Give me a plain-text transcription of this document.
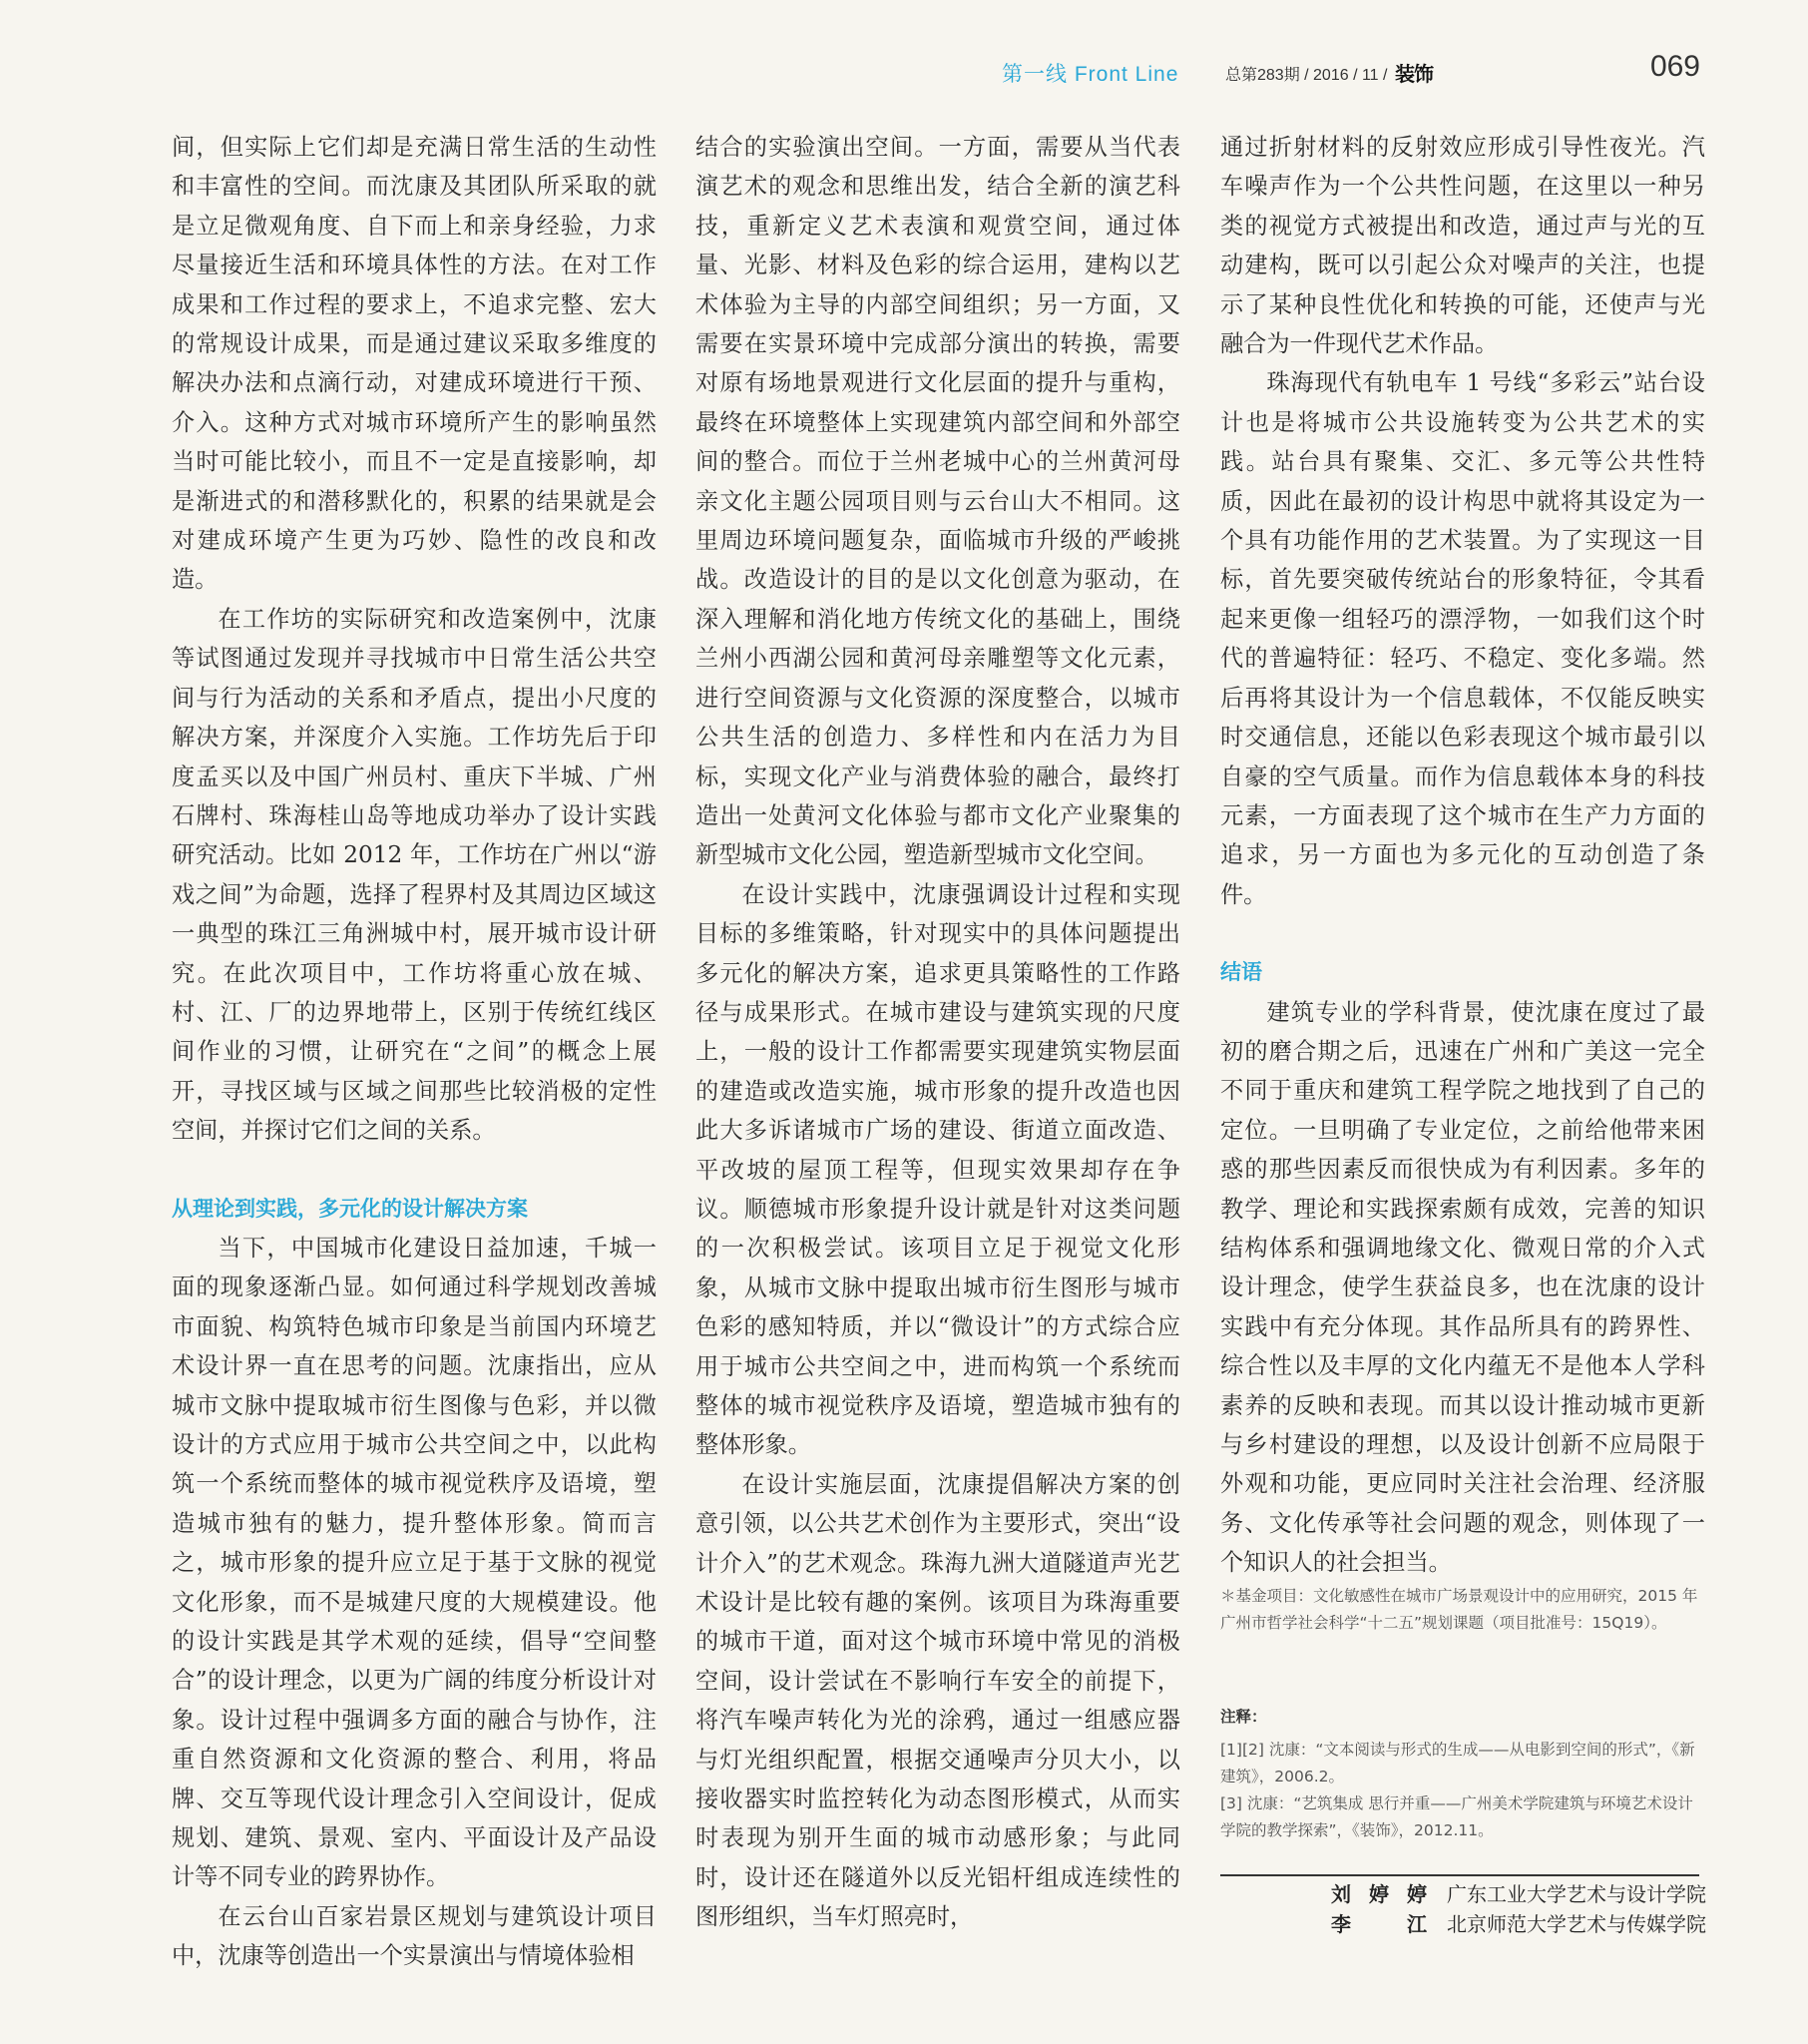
第一线 Front Line	总第283期 / 2016 / 11 / 装饰	069

间，但实际上它们却是充满日常生活的生动性和丰富性的空间。而沈康及其团队所采取的就是立足微观角度、自下而上和亲身经验，力求尽量接近生活和环境具体性的方法。在对工作成果和工作过程的要求上，不追求完整、宏大的常规设计成果，而是通过建议采取多维度的解决办法和点滴行动，对建成环境进行干预、介入。这种方式对城市环境所产生的影响虽然当时可能比较小，而且不一定是直接影响，却是渐进式的和潜移默化的，积累的结果就是会对建成环境产生更为巧妙、隐性的改良和改造。

在工作坊的实际研究和改造案例中，沈康等试图通过发现并寻找城市中日常生活公共空间与行为活动的关系和矛盾点，提出小尺度的解决方案，并深度介入实施。工作坊先后于印度孟买以及中国广州员村、重庆下半城、广州石牌村、珠海桂山岛等地成功举办了设计实践研究活动。比如 2012 年，工作坊在广州以“游戏之间”为命题，选择了程界村及其周边区域这一典型的珠江三角洲城中村，展开城市设计研究。在此次项目中，工作坊将重心放在城、村、江、厂的边界地带上，区别于传统红线区间作业的习惯，让研究在“之间”的概念上展开，寻找区域与区域之间那些比较消极的定性空间，并探讨它们之间的关系。

从理论到实践，多元化的设计解决方案

当下，中国城市化建设日益加速，千城一面的现象逐渐凸显。如何通过科学规划改善城市面貌、构筑特色城市印象是当前国内环境艺术设计界一直在思考的问题。沈康指出，应从城市文脉中提取城市衍生图像与色彩，并以微设计的方式应用于城市公共空间之中，以此构筑一个系统而整体的城市视觉秩序及语境，塑造城市独有的魅力，提升整体形象。简而言之，城市形象的提升应立足于基于文脉的视觉文化形象，而不是城建尺度的大规模建设。他的设计实践是其学术观的延续，倡导“空间整合”的设计理念，以更为广阔的纬度分析设计对象。设计过程中强调多方面的融合与协作，注重自然资源和文化资源的整合、利用，将品牌、交互等现代设计理念引入空间设计，促成规划、建筑、景观、室内、平面设计及产品设计等不同专业的跨界协作。

在云台山百家岩景区规划与建筑设计项目中，沈康等创造出一个实景演出与情境体验相

结合的实验演出空间。一方面，需要从当代表演艺术的观念和思维出发，结合全新的演艺科技，重新定义艺术表演和观赏空间，通过体量、光影、材料及色彩的综合运用，建构以艺术体验为主导的内部空间组织；另一方面，又需要在实景环境中完成部分演出的转换，需要对原有场地景观进行文化层面的提升与重构，最终在环境整体上实现建筑内部空间和外部空间的整合。而位于兰州老城中心的兰州黄河母亲文化主题公园项目则与云台山大不相同。这里周边环境问题复杂，面临城市升级的严峻挑战。改造设计的目的是以文化创意为驱动，在深入理解和消化地方传统文化的基础上，围绕兰州小西湖公园和黄河母亲雕塑等文化元素，进行空间资源与文化资源的深度整合，以城市公共生活的创造力、多样性和内在活力为目标，实现文化产业与消费体验的融合，最终打造出一处黄河文化体验与都市文化产业聚集的新型城市文化公园，塑造新型城市文化空间。

在设计实践中，沈康强调设计过程和实现目标的多维策略，针对现实中的具体问题提出多元化的解决方案，追求更具策略性的工作路径与成果形式。在城市建设与建筑实现的尺度上，一般的设计工作都需要实现建筑实物层面的建造或改造实施，城市形象的提升改造也因此大多诉诸城市广场的建设、街道立面改造、平改坡的屋顶工程等，但现实效果却存在争议。顺德城市形象提升设计就是针对这类问题的一次积极尝试。该项目立足于视觉文化形象，从城市文脉中提取出城市衍生图形与城市色彩的感知特质，并以“微设计”的方式综合应用于城市公共空间之中，进而构筑一个系统而整体的城市视觉秩序及语境，塑造城市独有的整体形象。

在设计实施层面，沈康提倡解决方案的创意引领，以公共艺术创作为主要形式，突出“设计介入”的艺术观念。珠海九洲大道隧道声光艺术设计是比较有趣的案例。该项目为珠海重要的城市干道，面对这个城市环境中常见的消极空间，设计尝试在不影响行车安全的前提下，将汽车噪声转化为光的涂鸦，通过一组感应器与灯光组织配置，根据交通噪声分贝大小，以接收器实时监控转化为动态图形模式，从而实时表现为别开生面的城市动感形象；与此同时，设计还在隧道外以反光铝杆组成连续性的图形组织，当车灯照亮时，

通过折射材料的反射效应形成引导性夜光。汽车噪声作为一个公共性问题，在这里以一种另类的视觉方式被提出和改造，通过声与光的互动建构，既可以引起公众对噪声的关注，也提示了某种良性优化和转换的可能，还使声与光融合为一件现代艺术作品。

珠海现代有轨电车 1 号线“多彩云”站台设计也是将城市公共设施转变为公共艺术的实践。站台具有聚集、交汇、多元等公共性特质，因此在最初的设计构思中就将其设定为一个具有功能作用的艺术装置。为了实现这一目标，首先要突破传统站台的形象特征，令其看起来更像一组轻巧的漂浮物，一如我们这个时代的普遍特征：轻巧、不稳定、变化多端。然后再将其设计为一个信息载体，不仅能反映实时交通信息，还能以色彩表现这个城市最引以自豪的空气质量。而作为信息载体本身的科技元素，一方面表现了这个城市在生产力方面的追求，另一方面也为多元化的互动创造了条件。

结语

建筑专业的学科背景，使沈康在度过了最初的磨合期之后，迅速在广州和广美这一完全不同于重庆和建筑工程学院之地找到了自己的定位。一旦明确了专业定位，之前给他带来困惑的那些因素反而很快成为有利因素。多年的教学、理论和实践探索颇有成效，完善的知识结构体系和强调地缘文化、微观日常的介入式设计理念，使学生获益良多，也在沈康的设计实践中有充分体现。其作品所具有的跨界性、综合性以及丰厚的文化内蕴无不是他本人学科素养的反映和表现。而其以设计推动城市更新与乡村建设的理想，以及设计创新不应局限于外观和功能，更应同时关注社会治理、经济服务、文化传承等社会问题的观念，则体现了一个知识人的社会担当。

＊基金项目：文化敏感性在城市广场景观设计中的应用研究，2015 年广州市哲学社会科学“十二五”规划课题（项目批准号：15Q19）。
注释：
[1][2] 沈康：“文本阅读与形式的生成——从电影到空间的形式”，《新建筑》，2006.2。
[3] 沈康：“艺筑集成 思行并重——广州美术学院建筑与环境艺术设计学院的教学探索”，《装饰》，2012.11。
刘婷婷 广东工业大学艺术与设计学院
李江 北京师范大学艺术与传媒学院
